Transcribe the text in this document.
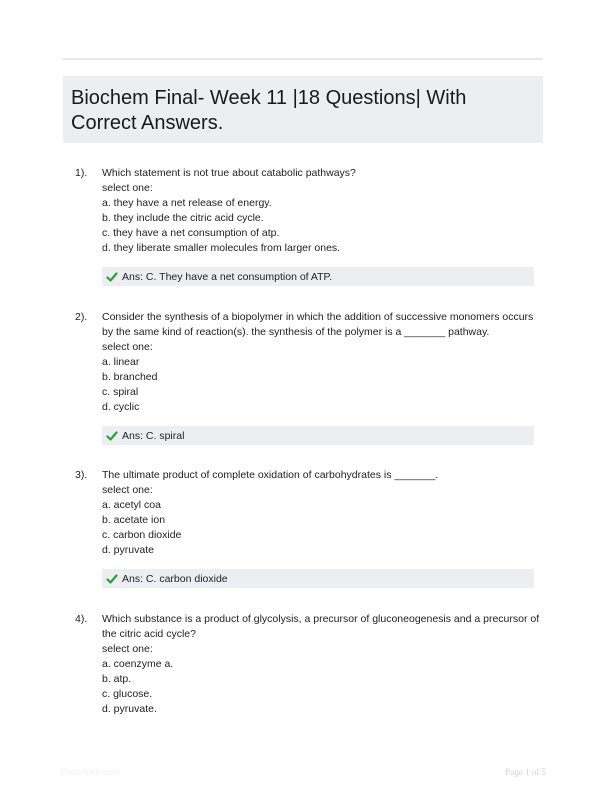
Biochem Final- Week 11 |18 Questions| With Correct Answers.
1). Which statement is not true about catabolic pathways?
select one:
a. they have a net release of energy.
b. they include the citric acid cycle.
c. they have a net consumption of atp.
d. they liberate smaller molecules from larger ones.
Ans: C. They have a net consumption of ATP.
2). Consider the synthesis of a biopolymer in which the addition of successive monomers occurs by the same kind of reaction(s). the synthesis of the polymer is a _______ pathway.
select one:
a. linear
b. branched
c. spiral
d. cyclic
Ans: C. spiral
3). The ultimate product of complete oxidation of carbohydrates is _______.
select one:
a. acetyl coa
b. acetate ion
c. carbon dioxide
d. pyruvate
Ans: C. carbon dioxide
4). Which substance is a product of glycolysis, a precursor of gluconeogenesis and a precursor of the citric acid cycle?
select one:
a. coenzyme a.
b. atp.
c. glucose.
d. pyruvate.
Paperfolio.com	Page 1 of 5
